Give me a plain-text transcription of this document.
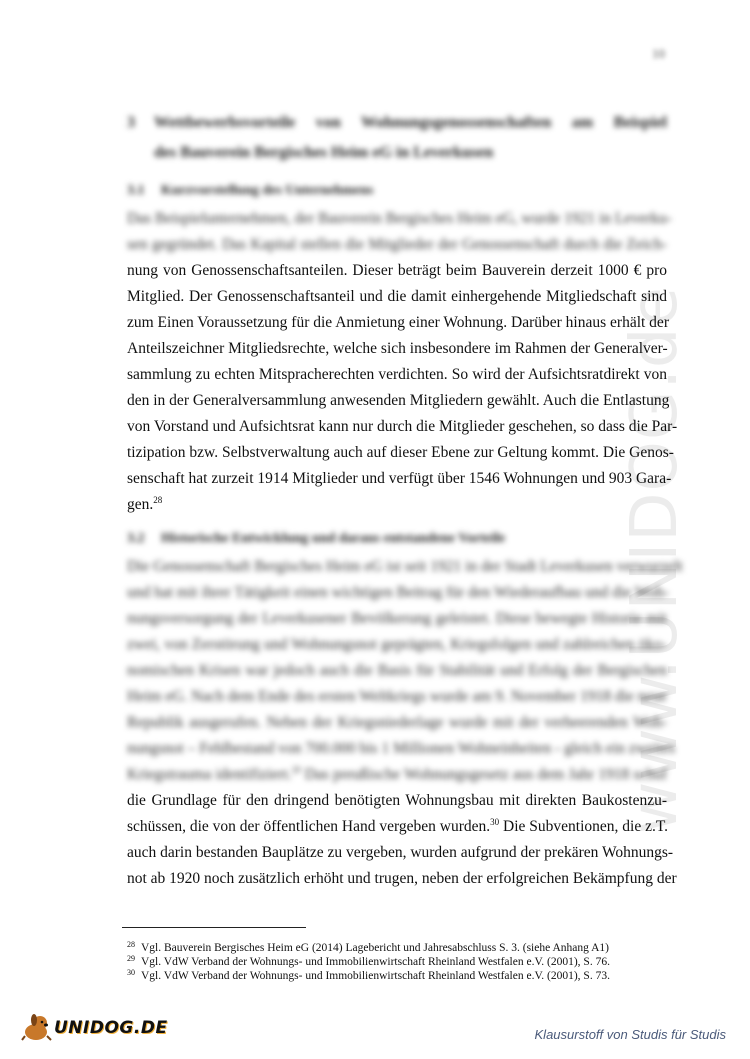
www.UNIDOG.de
10
3 Wettbewerbsvorteile von Wohnungsgenossenschaften am Beispiel
des Bauverein Bergisches Heim eG in Leverkusen
3.1 Kurzvorstellung des Unternehmens
Das Beispielunternehmen, der Bauverein Bergisches Heim eG, wurde 1921 in Leverku-
sen gegründet. Das Kapital stellen die Mitglieder der Genossenschaft durch die Zeich-
nung von Genossenschaftsanteilen. Dieser beträgt beim Bauverein derzeit 1000 € pro
Mitglied. Der Genossenschaftsanteil und die damit einhergehende Mitgliedschaft sind
zum Einen Voraussetzung für die Anmietung einer Wohnung. Darüber hinaus erhält der
Anteilszeichner Mitgliedsrechte, welche sich insbesondere im Rahmen der Generalver-
sammlung zu echten Mitspracherechten verdichten. So wird der Aufsichtsratdirekt von
den in der Generalversammlung anwesenden Mitgliedern gewählt. Auch die Entlastung
von Vorstand und Aufsichtsrat kann nur durch die Mitglieder geschehen, so dass die Par-
tizipation bzw. Selbstverwaltung auch auf dieser Ebene zur Geltung kommt. Die Genos-
senschaft hat zurzeit 1914 Mitglieder und verfügt über 1546 Wohnungen und 903 Gara-
gen.$^{28}$
3.2 Historische Entwicklung und daraus entstandene Vorteile
Die Genossenschaft Bergisches Heim eG ist seit 1921 in der Stadt Leverkusen verwurzelt
und hat mit ihrer Tätigkeit einen wichtigen Beitrag für den Wiederaufbau und die Woh-
nungsversorgung der Leverkusener Bevölkerung geleistet. Diese bewegte Historie mit
zwei, von Zerstörung und Wohnungsnot geprägten, Kriegsfolgen und zahlreichen öko-
nomischen Krisen war jedoch auch die Basis für Stabilität und Erfolg der Bergischen
Heim eG. Nach dem Ende des ersten Weltkriegs wurde am 9. November 1918 die neue
Republik ausgerufen. Neben der Kriegsniederlage wurde mit der verheerenden Woh-
nungsnot – Fehlbestand von 700.000 bis 1 Millionen Wohneinheiten - gleich ein zweites
Kriegstrauma identifiziert.$^{29}$ Das preußische Wohnungsgesetz aus dem Jahr 1918 schuf
die Grundlage für den dringend benötigten Wohnungsbau mit direkten Baukostenzu-
schüssen, die von der öffentlichen Hand vergeben wurden.$^{30}$ Die Subventionen, die z.T.
auch darin bestanden Bauplätze zu vergeben, wurden aufgrund der prekären Wohnungs-
not ab 1920 noch zusätzlich erhöht und trugen, neben der erfolgreichen Bekämpfung der
$^{28}$ Vgl. Bauverein Bergisches Heim eG (2014) Lagebericht und Jahresabschluss S. 3. (siehe Anhang A1)
$^{29}$ Vgl. VdW Verband der Wohnungs- und Immobilienwirtschaft Rheinland Westfalen e.V. (2001), S. 76.
$^{30}$ Vgl. VdW Verband der Wohnungs- und Immobilienwirtschaft Rheinland Westfalen e.V. (2001), S. 73.
UNIDOG.DE	Klausurstoff von Studis für Studis
